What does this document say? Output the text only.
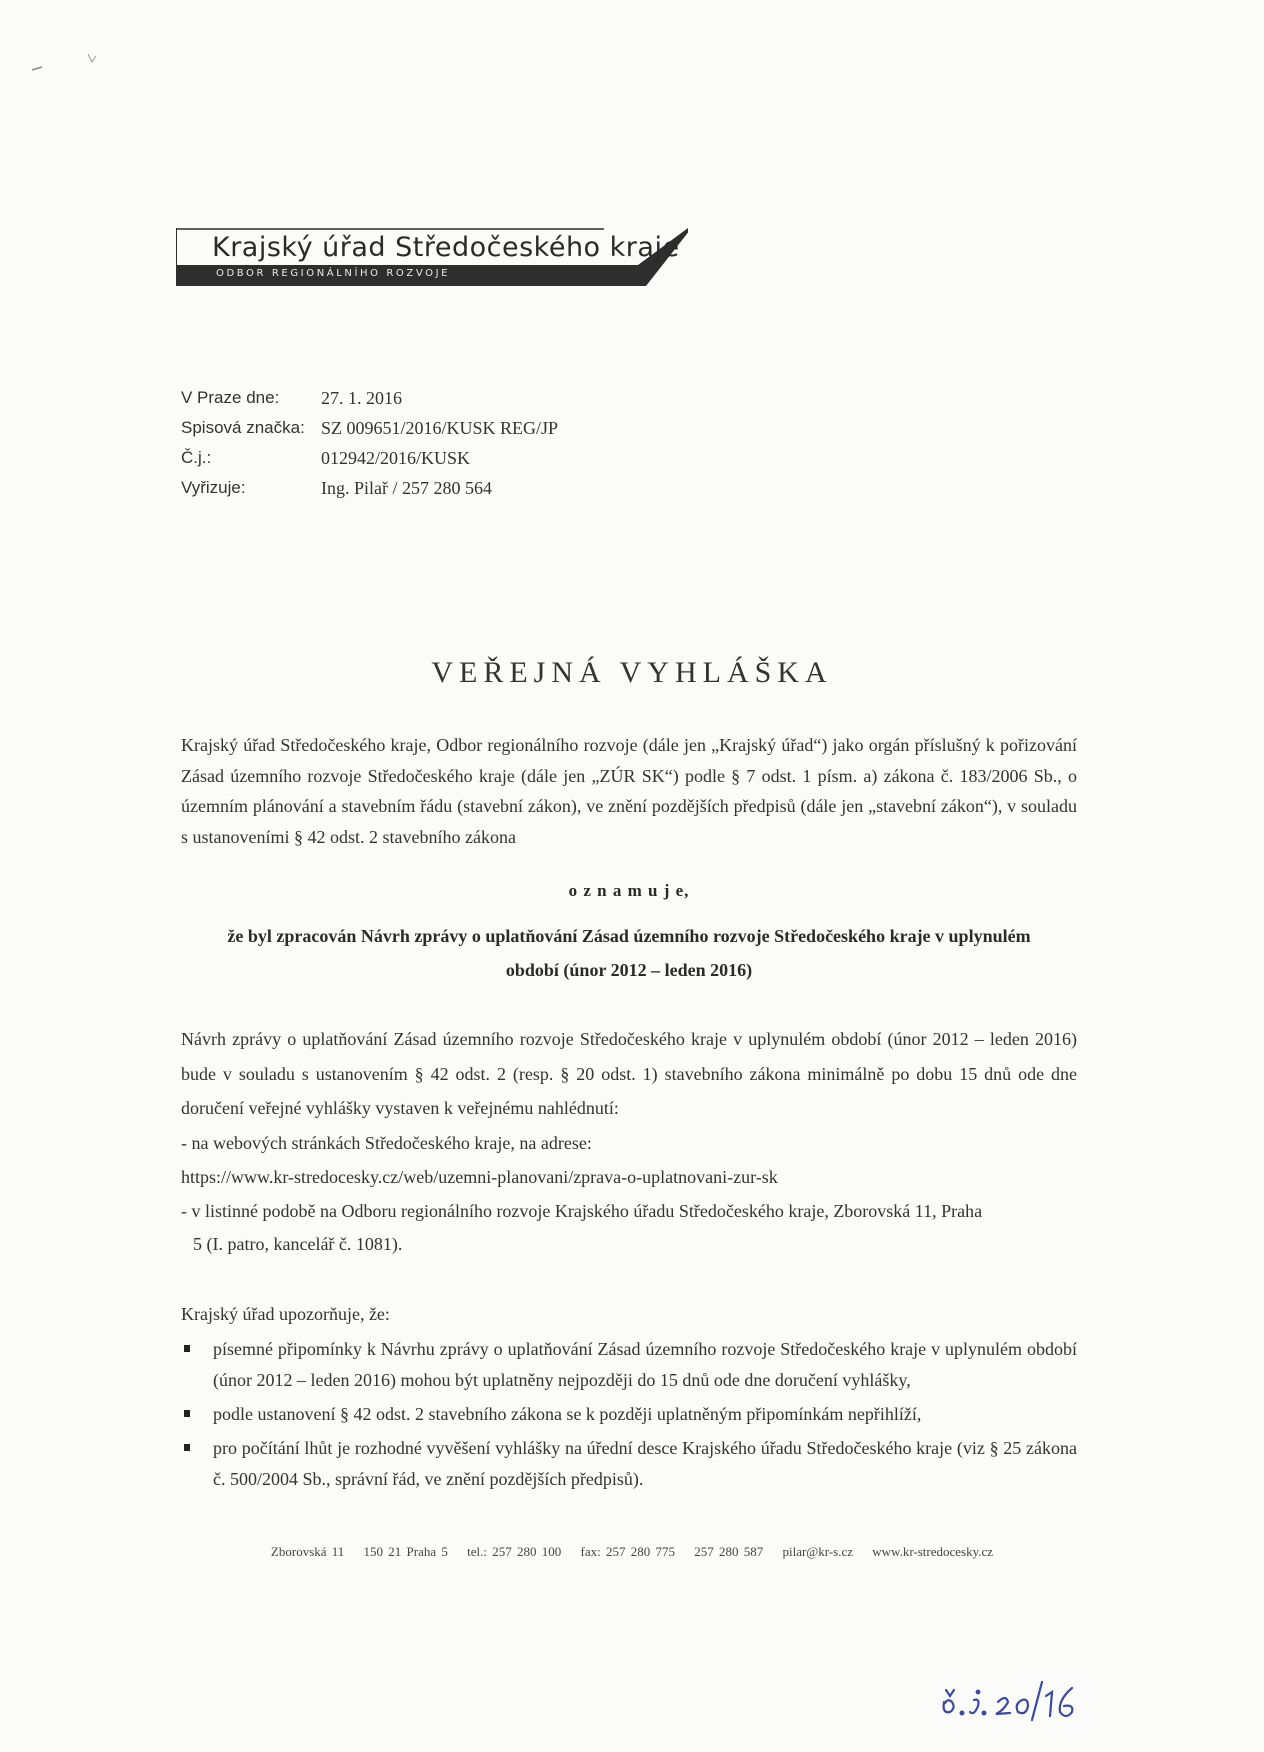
Krajský úřad Středočeského kraje
ODBOR REGIONÁLNÍHO ROZVOJE
V Praze dne: 27. 1. 2016
Spisová značka: SZ 009651/2016/KUSK REG/JP
Č.j.:	012942/2016/KUSK
Vyřizuje:	Ing. Pilař / 257 280 564
VEŘEJNÁ VYHLÁŠKA
Krajský úřad Středočeského kraje, Odbor regionálního rozvoje (dále jen „Krajský úřad“) jako orgán příslušný k pořizování Zásad územního rozvoje Středočeského kraje (dále jen „ZÚR SK“) podle § 7 odst. 1 písm. a) zákona č. 183/2006 Sb., o územním plánování a stavebním řádu (stavební zákon), ve znění pozdějších předpisů (dále jen „stavební zákon“), v souladu s ustanoveními § 42 odst. 2 stavebního zákona
o z n a m u j e,
že byl zpracován Návrh zprávy o uplatňování Zásad územního rozvoje Středočeského kraje v uplynulém
období (únor 2012 – leden 2016)
Návrh zprávy o uplatňování Zásad územního rozvoje Středočeského kraje v uplynulém období (únor 2012 – leden 2016) bude v souladu s ustanovením § 42 odst. 2 (resp. § 20 odst. 1) stavebního zákona minimálně po dobu 15 dnů ode dne doručení veřejné vyhlášky vystaven k veřejnému nahlédnutí:
- na webových stránkách Středočeského kraje, na adrese:
https://www.kr-stredocesky.cz/web/uzemni-planovani/zprava-o-uplatnovani-zur-sk
- v listinné podobě na Odboru regionálního rozvoje Krajského úřadu Středočeského kraje, Zborovská 11, Praha
5 (I. patro, kancelář č. 1081).
Krajský úřad upozorňuje, že:
písemné připomínky k Návrhu zprávy o uplatňování Zásad územního rozvoje Středočeského kraje v uplynulém období (únor 2012 – leden 2016) mohou být uplatněny nejpozději do 15 dnů ode dne doručení vyhlášky,
podle ustanovení § 42 odst. 2 stavebního zákona se k později uplatněným připomínkám nepřihlíží,
pro počítání lhůt je rozhodné vyvěšení vyhlášky na úřední desce Krajského úřadu Středočeského kraje (viz § 25 zákona č. 500/2004 Sb., správní řád, ve znění pozdějších předpisů).
Zborovská 11 150 21 Praha 5 tel.: 257 280 100 fax: 257 280 775 257 280 587 pilar@kr-s.cz www.kr-stredocesky.cz
